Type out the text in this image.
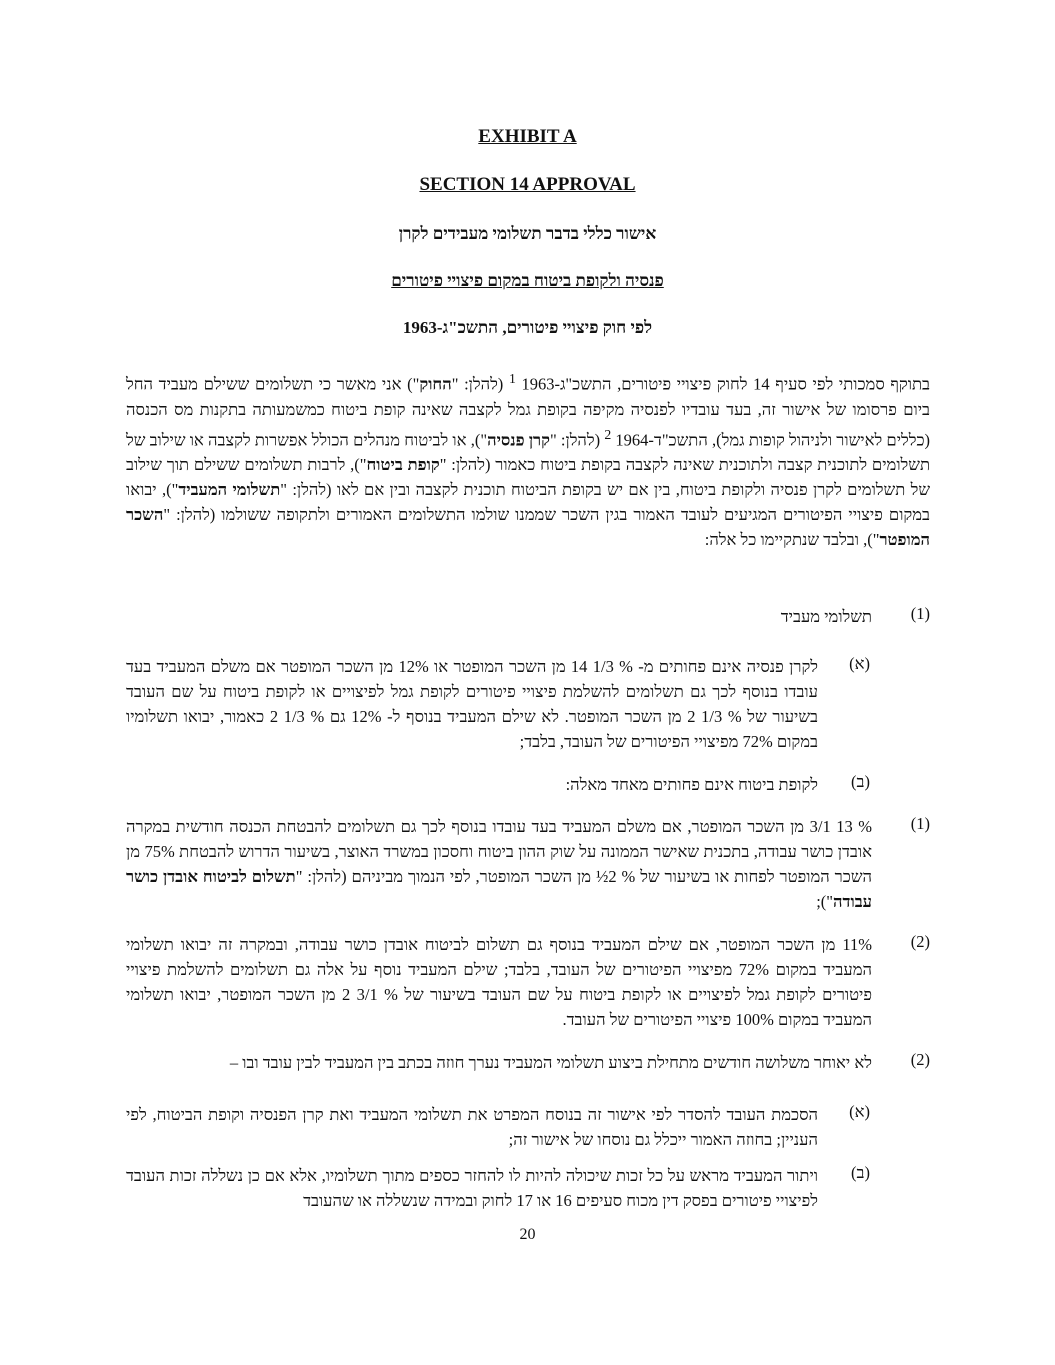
EXHIBIT A
SECTION 14 APPROVAL
אישור כללי בדבר תשלומי מעבידים לקרן
פנסיה ולקופת ביטוח במקום פיצויי פיטורים
לפי חוק פיצויי פיטורים, התשכ"ג-1963
בתוקף סמכותי לפי סעיף 14 לחוק פיצויי פיטורים, התשכ"ג-1963 $^1$ (להלן: "החוק") אני מאשר כי תשלומים ששילם מעביד החל ביום פרסומו של אישור זה, בעד עובדיו לפנסיה מקיפה בקופת גמל לקצבה שאינה קופת ביטוח כמשמעותה בתקנות מס הכנסה (כללים לאישור ולניהול קופות גמל), התשכ"ד-1964 $^2$ (להלן: "קרן פנסיה"), או לביטוח מנהלים הכולל אפשרות לקצבה או שילוב של תשלומים לתוכנית קצבה ולתוכנית שאינה לקצבה בקופת ביטוח כאמור (להלן: "קופת ביטוח"), לרבות תשלומים ששילם תוך שילוב של תשלומים לקרן פנסיה ולקופת ביטוח, בין אם יש בקופת הביטוח תוכנית לקצבה ובין אם לאו (להלן: "תשלומי המעביד"), יבואו במקום פיצויי הפיטורים המגיעים לעובד האמור בגין השכר שממנו שולמו התשלומים האמורים ולתקופה ששולמו (להלן: "השכר המופטר"), ובלבד שנתקיימו כל אלה:
(1)
תשלומי מעביד
(א)
לקרן פנסיה אינם פחותים מ- % 1/3 14 מן השכר המופטר או 12% מן השכר המופטר אם משלם המעביד בעד עובדו בנוסף לכך גם תשלומים להשלמת פיצויי פיטורים לקופת גמל לפיצויים או לקופת ביטוח על שם העובד בשיעור של % 1/3 2 מן השכר המופטר. לא שילם המעביד בנוסף ל- 12% גם % 1/3 2 כאמור, יבואו תשלומיו במקום 72% מפיצויי הפיטורים של העובד, בלבד;
(ב)
לקופת ביטוח אינם פחותים מאחד מאלה:
(1)
% 13 3/1 מן השכר המופטר, אם משלם המעביד בעד עובדו בנוסף לכך גם תשלומים להבטחת הכנסה חודשית במקרה אובדן כושר עבודה, בתכנית שאישר הממונה על שוק ההון ביטוח וחסכון במשרד האוצר, בשיעור הדרוש להבטחת 75% מן השכר המופטר לפחות או בשיעור של % 2½ מן השכר המופטר, לפי הנמוך מביניהם (להלן: "תשלום לביטוח אובדן כושר עבודה");
(2)
11% מן השכר המופטר, אם שילם המעביד בנוסף גם תשלום לביטוח אובדן כושר עבודה, ובמקרה זה יבואו תשלומי המעביד במקום 72% מפיצויי הפיטורים של העובד, בלבד; שילם המעביד נוסף על אלה גם תשלומים להשלמת פיצויי פיטורים לקופת גמל לפיצויים או לקופת ביטוח על שם העובד בשיעור של % 3/1 2 מן השכר המופטר, יבואו תשלומי המעביד במקום 100% פיצויי הפיטורים של העובד.
(2)
לא יאוחר משלושה חודשים מתחילת ביצוע תשלומי המעביד נערך חוזה בכתב בין המעביד לבין עובד ובו –
(א)
הסכמת העובד להסדר לפי אישור זה בנוסח המפרט את תשלומי המעביד ואת קרן הפנסיה וקופת הביטוח, לפי העניין; בחוזה האמור ייכלל גם נוסחו של אישור זה;
(ב)
ויתור המעביד מראש על כל זכות שיכולה להיות לו להחזר כספים מתוך תשלומיו, אלא אם כן נשללה זכות העובד לפיצויי פיטורים בפסק דין מכוח סעיפים 16 או 17 לחוק ובמידה שנשללה או שהעובד
20
